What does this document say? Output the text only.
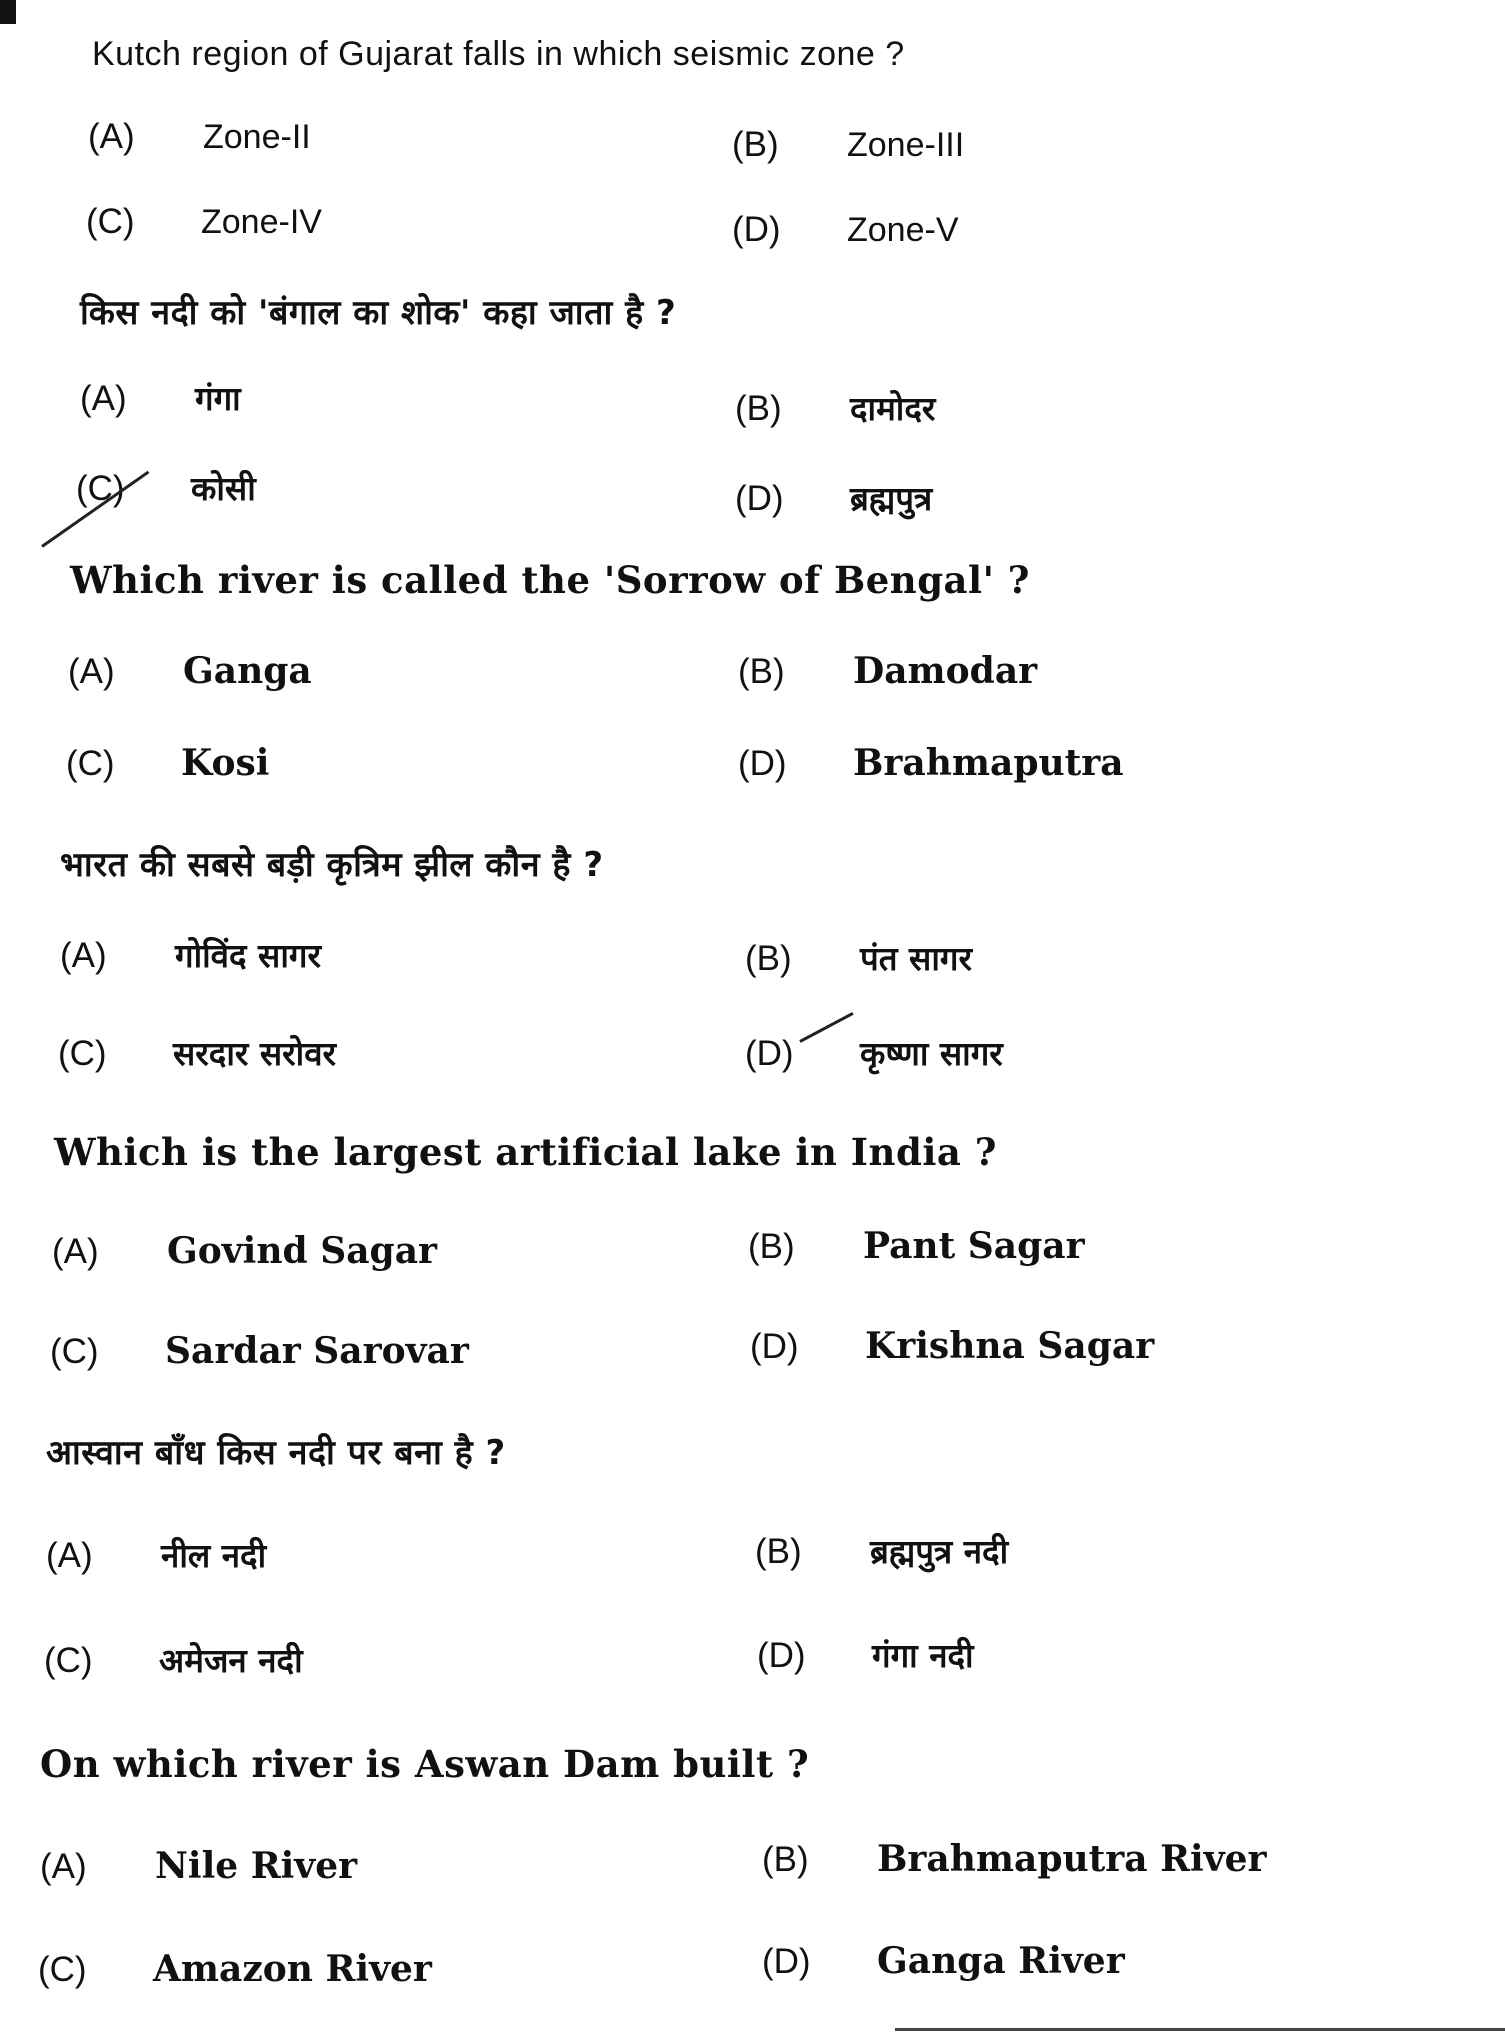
Kutch region of Gujarat falls in which seismic zone ?
(A) Zone-II	(B) Zone-III
(C) Zone-IV	(D) Zone-V
किस नदी को 'बंगाल का शोक' कहा जाता है ?
(A) गंगा	(B) दामोदर
(C) कोसी	(D) ब्रह्मपुत्र
Which river is called the 'Sorrow of Bengal' ?
(A) Ganga	(B) Damodar
(C) Kosi	(D) Brahmaputra
भारत की सबसे बड़ी कृत्रिम झील कौन है ?
(A) गोविंद सागर	(B) पंत सागर
(C) सरदार सरोवर	(D) कृष्णा सागर
Which is the largest artificial lake in India ?
(A) Govind Sagar	(B) Pant Sagar
(C) Sardar Sarovar	(D) Krishna Sagar
आस्वान बाँध किस नदी पर बना है ?
(A) नील नदी	(B) ब्रह्मपुत्र नदी
(C) अमेजन नदी	(D) गंगा नदी
On which river is Aswan Dam built ?
(A) Nile River	(B) Brahmaputra River
(C) Amazon River	(D) Ganga River
